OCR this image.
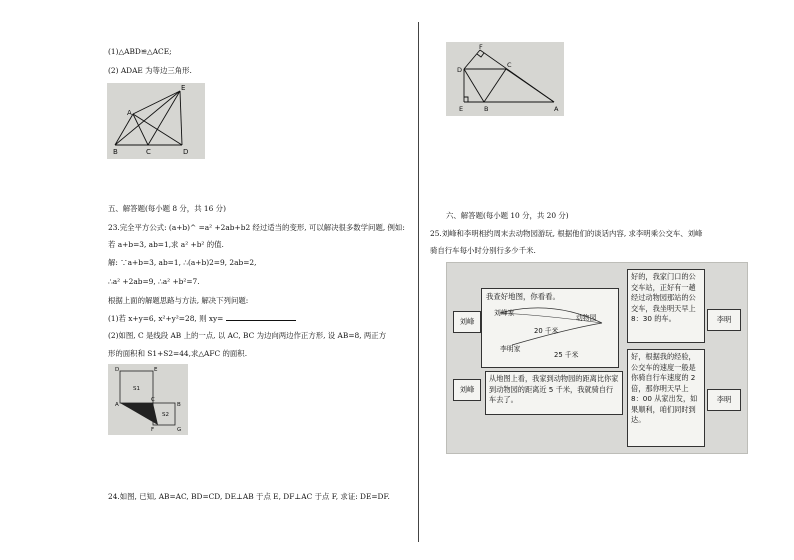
(1)△ABD≌△ACE;
(2) ADAE 为等边三角形.
E
A
B	C	D
五、解答题(每小题 8 分，共 16 分)
23.完全平方公式: (a+b)^ =a² +2ab+b2 经过适当的变形, 可以解决很多数学问题, 例如:
若 a+b=3, ab=1,求 a² +b² 的值.
解: ∵a+b=3, ab=1, ∴(a+b)2=9, 2ab=2,
∴a² +2ab=9, ∴a² +b²=7.
根据上面的解题思路与方法, 解决下列问题:
(1)若 x+y=6, x²+y²=28, 则 xy=
(2)如图, C 是线段 AB 上的一点, 以 AC, BC 为边向两边作正方形, 设 AB=8, 两正方
形的面积和 S1+S2=44,求△AFC 的面积.
D	E
A
C
B
F	G
S1
S2
24.如图, 已知, AB=AC, BD=CD, DE⊥AB 于点 E, DF⊥AC 于点 F, 求证: DE=DF.
F
C
D
E	B	A
六、解答题(每小题 10 分，共 20 分)
25.刘峰和李明相约周末去动物园游玩, 根据他们的谈话内容, 求李明乘公交车、刘峰
骑自行车每小时分别行多少千米.
刘峰
刘峰
李明
李明
我查好地图，你看看。
刘峰家
动物园
20 千米
李明家
25 千米
好的，我家门口的公交车站，正好有一趟经过动物园那站的公交车，我坐明天早上 8：30 的车。
从地图上看，我家到动物园的距离比你家到动物园的距离近 5 千米，我就骑自行车去了。
好，根据我的经验，公交车的速度一般是你骑自行车速度的 2 倍，那你明天早上 8：00 从家出发，如果顺利，咱们同时到达。
